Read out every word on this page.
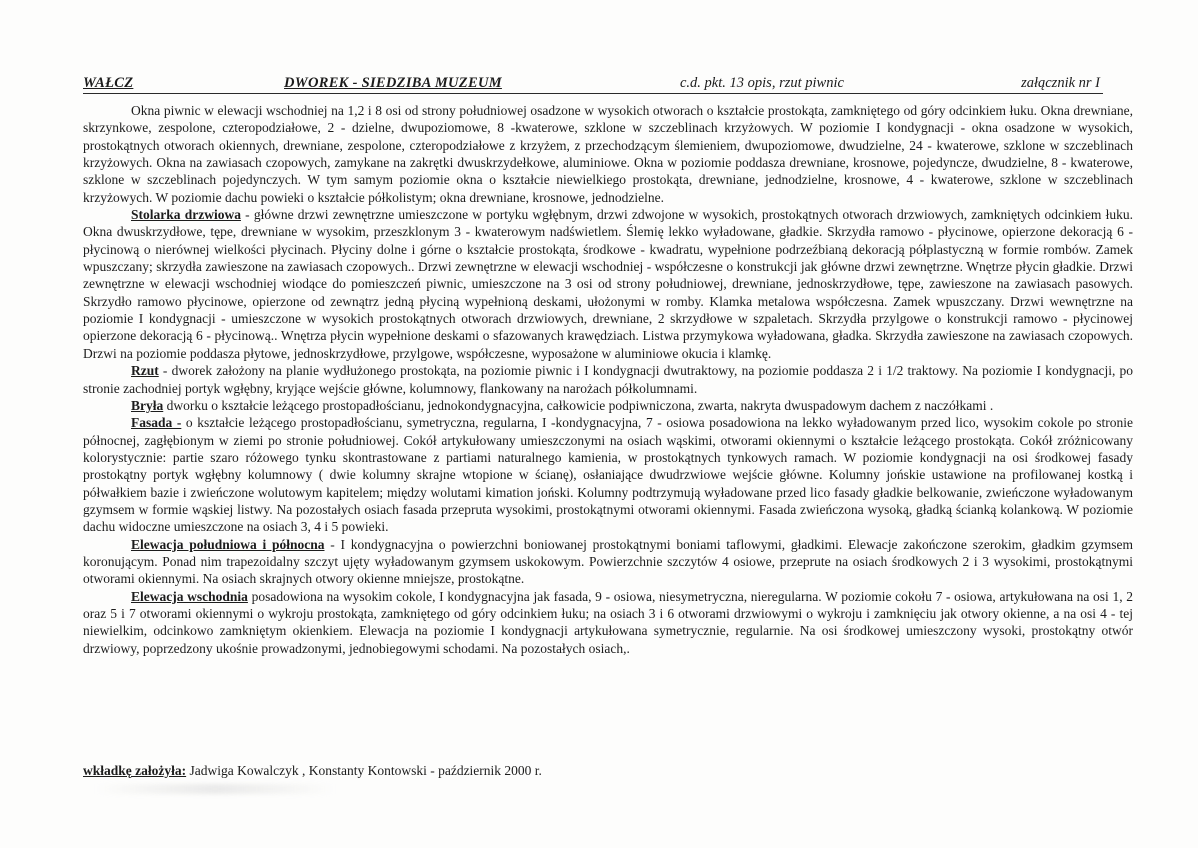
WAŁCZ	DWOREK - SIEDZIBA MUZEUM	c.d. pkt. 13 opis, rzut piwnic	załącznik nr I

Okna piwnic w elewacji wschodniej na 1,2 i 8 osi od strony południowej osadzone w wysokich otworach o kształcie prostokąta, zamkniętego od góry odcinkiem łuku. Okna drewniane, skrzynkowe, zespolone, czteropodziałowe, 2 - dzielne, dwupoziomowe, 8 -kwaterowe, szklone w szczeblinach krzyżowych. W poziomie I kondygnacji - okna osadzone w wysokich, prostokątnych otworach okiennych, drewniane, zespolone, czteropodziałowe z krzyżem, z przechodzącym ślemieniem, dwupoziomowe, dwudzielne, 24 - kwaterowe, szklone w szczeblinach krzyżowych. Okna na zawiasach czopowych, zamykane na zakrętki dwuskrzydełkowe, aluminiowe. Okna w poziomie poddasza drewniane, krosnowe, pojedyncze, dwudzielne, 8 - kwaterowe, szklone w szczeblinach pojedynczych. W tym samym poziomie okna o kształcie niewielkiego prostokąta, drewniane, jednodzielne, krosnowe, 4 - kwaterowe, szklone w szczeblinach krzyżowych. W poziomie dachu powieki o kształcie półkolistym; okna drewniane, krosnowe, jednodzielne.

Stolarka drzwiowa - główne drzwi zewnętrzne umieszczone w portyku wgłębnym, drzwi zdwojone w wysokich, prostokątnych otworach drzwiowych, zamkniętych odcinkiem łuku. Okna dwuskrzydłowe, tępe, drewniane w wysokim, przeszklonym 3 - kwaterowym nadświetlem. Ślemię lekko wyładowane, gładkie. Skrzydła ramowo - płycinowe, opierzone dekoracją 6 - płycinową o nierównej wielkości płycinach. Płyciny dolne i górne o kształcie prostokąta, środkowe - kwadratu, wypełnione podrzeźbianą dekoracją półplastyczną w formie rombów. Zamek wpuszczany; skrzydła zawieszone na zawiasach czopowych.. Drzwi zewnętrzne w elewacji wschodniej - współczesne o konstrukcji jak główne drzwi zewnętrzne. Wnętrze płycin gładkie. Drzwi zewnętrzne w elewacji wschodniej wiodące do pomieszczeń piwnic, umieszczone na 3 osi od strony południowej, drewniane, jednoskrzydłowe, tępe, zawieszone na zawiasach pasowych. Skrzydło ramowo płycinowe, opierzone od zewnątrz jedną płyciną wypełnioną deskami, ułożonymi w romby. Klamka metalowa współczesna. Zamek wpuszczany. Drzwi wewnętrzne na poziomie I kondygnacji - umieszczone w wysokich prostokątnych otworach drzwiowych, drewniane, 2 skrzydłowe w szpaletach. Skrzydła przylgowe o konstrukcji ramowo - płycinowej opierzone dekoracją 6 - płycinową.. Wnętrza płycin wypełnione deskami o sfazowanych krawędziach. Listwa przymykowa wyładowana, gładka. Skrzydła zawieszone na zawiasach czopowych. Drzwi na poziomie poddasza płytowe, jednoskrzydłowe, przylgowe, współczesne, wyposażone w aluminiowe okucia i klamkę.

Rzut - dworek założony na planie wydłużonego prostokąta, na poziomie piwnic i I kondygnacji dwutraktowy, na poziomie poddasza 2 i 1/2 traktowy. Na poziomie I kondygnacji, po stronie zachodniej portyk wgłębny, kryjące wejście główne, kolumnowy, flankowany na narożach półkolumnami.

Bryła dworku o kształcie leżącego prostopadłościanu, jednokondygnacyjna, całkowicie podpiwniczona, zwarta, nakryta dwuspadowym dachem z naczółkami .

Fasada - o kształcie leżącego prostopadłościanu, symetryczna, regularna, I -kondygnacyjna, 7 - osiowa posadowiona na lekko wyładowanym przed lico, wysokim cokole po stronie północnej, zagłębionym w ziemi po stronie południowej. Cokół artykułowany umieszczonymi na osiach wąskimi, otworami okiennymi o kształcie leżącego prostokąta. Cokół zróżnicowany kolorystycznie: partie szaro różowego tynku skontrastowane z partiami naturalnego kamienia, w prostokątnych tynkowych ramach. W poziomie kondygnacji na osi środkowej fasady prostokątny portyk wgłębny kolumnowy ( dwie kolumny skrajne wtopione w ścianę), osłaniające dwudrzwiowe wejście główne. Kolumny jońskie ustawione na profilowanej kostką i półwałkiem bazie i zwieńczone wolutowym kapitelem; między wolutami kimation joński. Kolumny podtrzymują wyładowane przed lico fasady gładkie belkowanie, zwieńczone wyładowanym gzymsem w formie wąskiej listwy. Na pozostałych osiach fasada przepruta wysokimi, prostokątnymi otworami okiennymi. Fasada zwieńczona wysoką, gładką ścianką kolankową. W poziomie dachu widoczne umieszczone na osiach 3, 4 i 5 powieki.

Elewacja południowa i północna - I kondygnacyjna o powierzchni boniowanej prostokątnymi boniami taflowymi, gładkimi. Elewacje zakończone szerokim, gładkim gzymsem koronującym. Ponad nim trapezoidalny szczyt ujęty wyładowanym gzymsem uskokowym. Powierzchnie szczytów 4 osiowe, przeprute na osiach środkowych 2 i 3 wysokimi, prostokątnymi otworami okiennymi. Na osiach skrajnych otwory okienne mniejsze, prostokątne.

Elewacja wschodnia posadowiona na wysokim cokole, I kondygnacyjna jak fasada, 9 - osiowa, niesymetryczna, nieregularna. W poziomie cokołu 7 - osiowa, artykułowana na osi 1, 2 oraz 5 i 7 otworami okiennymi o wykroju prostokąta, zamkniętego od góry odcinkiem łuku; na osiach 3 i 6 otworami drzwiowymi o wykroju i zamknięciu jak otwory okienne, a na osi 4 - tej niewielkim, odcinkowo zamkniętym okienkiem. Elewacja na poziomie I kondygnacji artykułowana symetrycznie, regularnie. Na osi środkowej umieszczony wysoki, prostokątny otwór drzwiowy, poprzedzony ukośnie prowadzonymi, jednobiegowymi schodami. Na pozostałych osiach,.

wkładkę założyła: Jadwiga Kowalczyk , Konstanty Kontowski - październik 2000 r.
